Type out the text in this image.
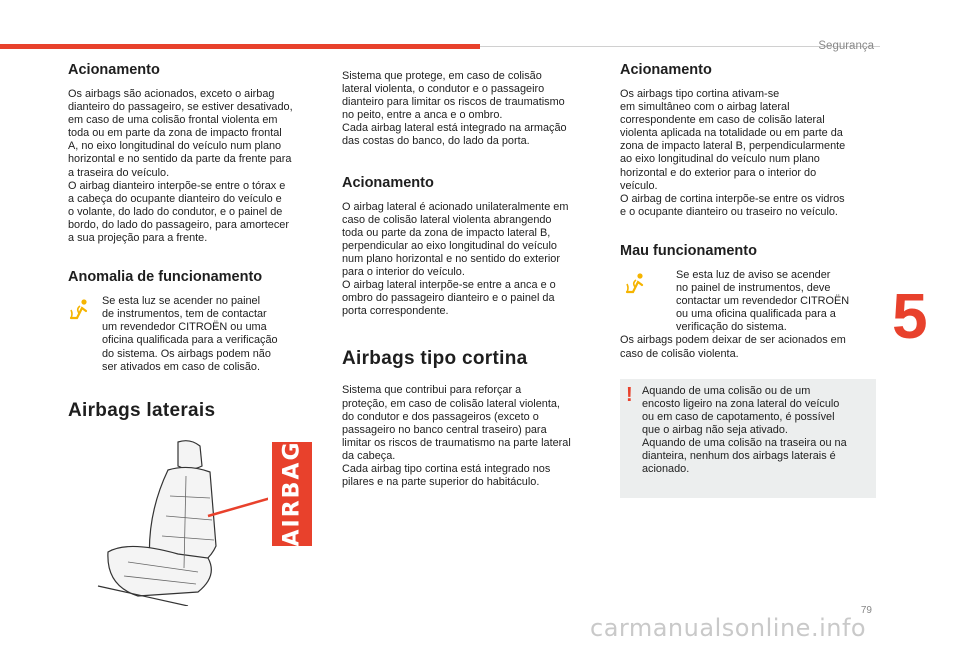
Segurança
5
79
Acionamento

Os airbags são acionados, exceto o airbag
dianteiro do passageiro, se estiver desativado,
em caso de uma colisão frontal violenta em
toda ou em parte da zona de impacto frontal
A, no eixo longitudinal do veículo num plano
horizontal e no sentido da parte da frente para
a traseira do veículo.
O airbag dianteiro interpõe-se entre o tórax e
a cabeça do ocupante dianteiro do veículo e
o volante, do lado do condutor, e o painel de
bordo, do lado do passageiro, para amortecer
a sua projeção para a frente.

Anomalia de funcionamento

Se esta luz se acender no painel
de instrumentos, tem de contactar
um revendedor CITROËN ou uma
oficina qualificada para a verificação
do sistema. Os airbags podem não
ser ativados em caso de colisão.

Airbags laterais
AIRBAG

Sistema que protege, em caso de colisão
lateral violenta, o condutor e o passageiro
dianteiro para limitar os riscos de traumatismo
no peito, entre a anca e o ombro.
Cada airbag lateral está integrado na armação
das costas do banco, do lado da porta.

Acionamento

O airbag lateral é acionado unilateralmente em
caso de colisão lateral violenta abrangendo
toda ou parte da zona de impacto lateral B,
perpendicular ao eixo longitudinal do veículo
num plano horizontal e no sentido do exterior
para o interior do veículo.
O airbag lateral interpõe-se entre a anca e o
ombro do passageiro dianteiro e o painel da
porta correspondente.

Airbags tipo cortina

Sistema que contribui para reforçar a
proteção, em caso de colisão lateral violenta,
do condutor e dos passageiros (exceto o
passageiro no banco central traseiro) para
limitar os riscos de traumatismo na parte lateral
da cabeça.
Cada airbag tipo cortina está integrado nos
pilares e na parte superior do habitáculo.

Acionamento

Os airbags tipo cortina ativam-se
em simultâneo com o airbag lateral
correspondente em caso de colisão lateral
violenta aplicada na totalidade ou em parte da
zona de impacto lateral B, perpendicularmente
ao eixo longitudinal do veículo num plano
horizontal e do exterior para o interior do
veículo.
O airbag de cortina interpõe-se entre os vidros
e o ocupante dianteiro ou traseiro no veículo.

Mau funcionamento

Se esta luz de aviso se acender
no painel de instrumentos, deve
contactar um revendedor CITROËN
ou uma oficina qualificada para a
verificação do sistema.

Os airbags podem deixar de ser acionados em
caso de colisão violenta.

! Aquando de uma colisão ou de um
encosto ligeiro na zona lateral do veículo
ou em caso de capotamento, é possível
que o airbag não seja ativado.
Aquando de uma colisão na traseira ou na
dianteira, nenhum dos airbags laterais é
acionado.

carmanualsonline.info
